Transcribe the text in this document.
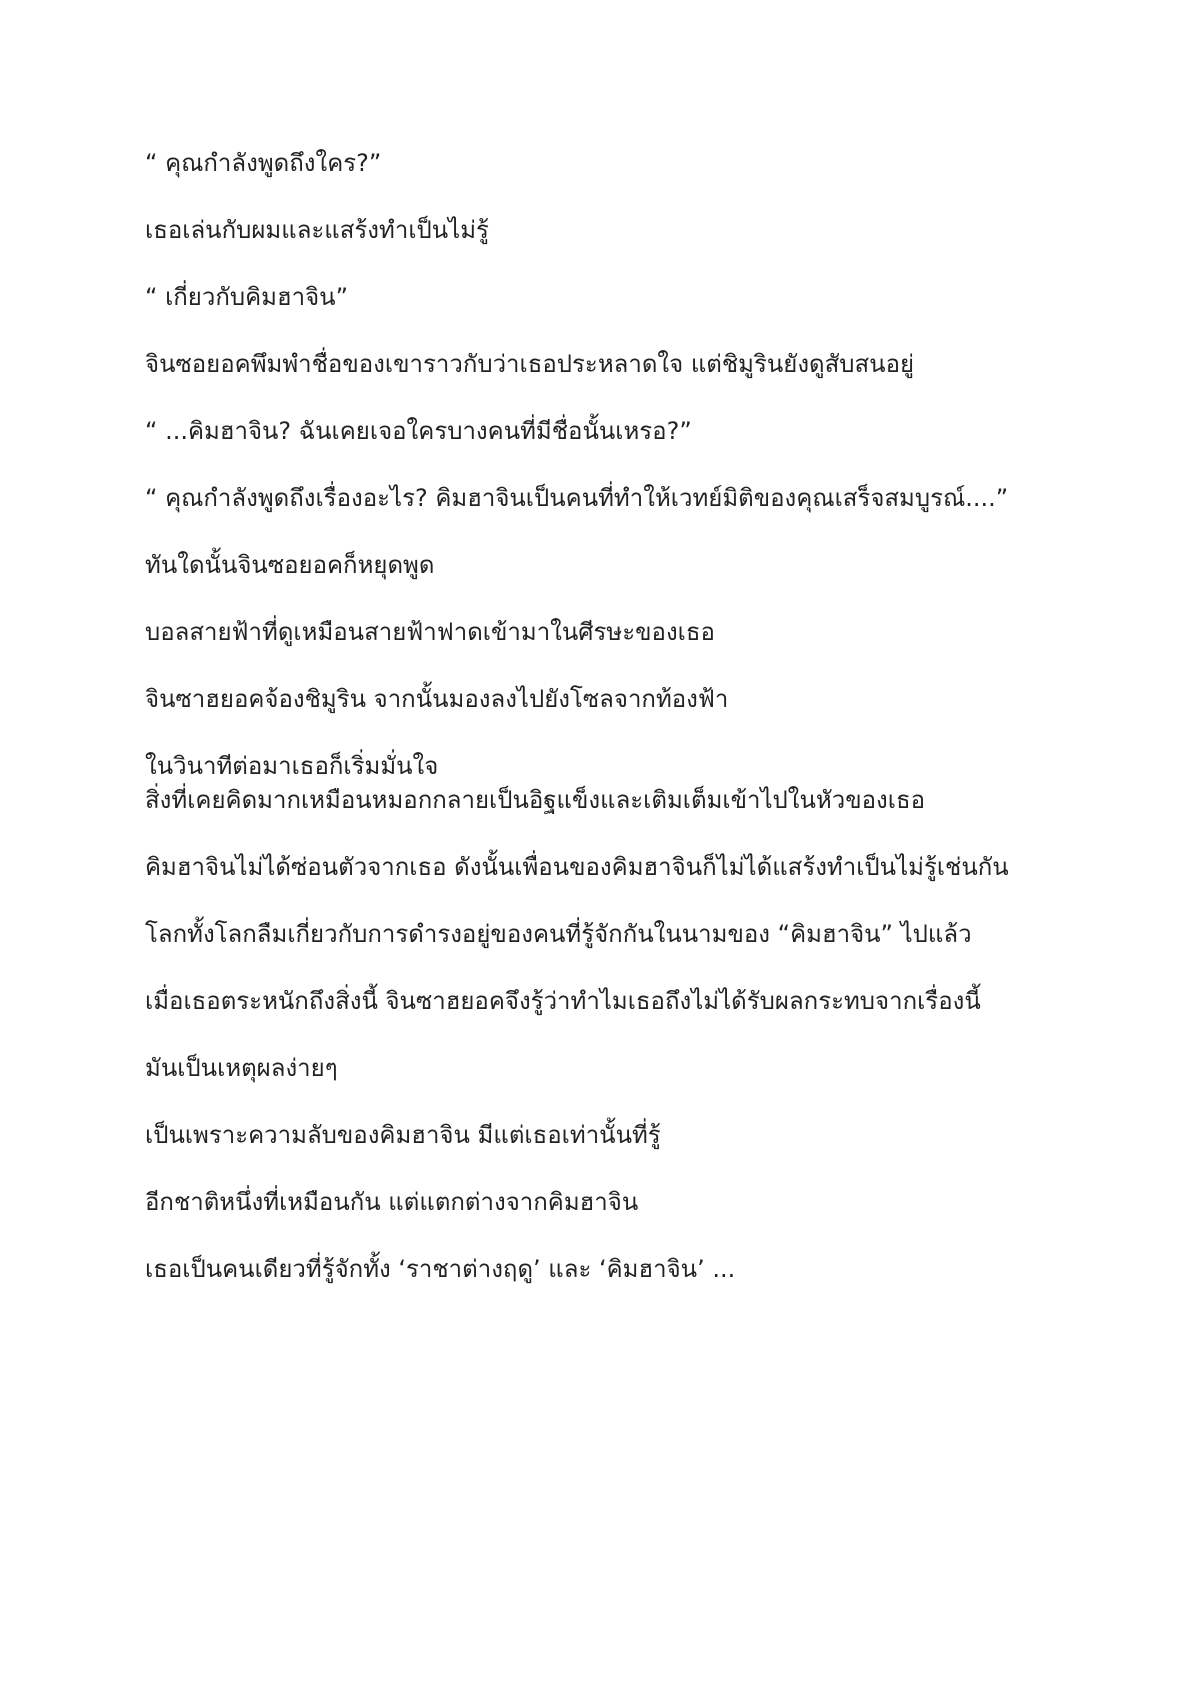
“ คุณกำลังพูดถึงใคร?”

เธอเล่นกับผมและแสร้งทำเป็นไม่รู้

“ เกี่ยวกับคิมฮาจิน”

จินซอยอคพึมพำชื่อของเขาราวกับว่าเธอประหลาดใจ แต่ชิมูรินยังดูสับสนอยู่

“ ...คิมฮาจิน? ฉันเคยเจอใครบางคนที่มีชื่อนั้นเหรอ?”

“ คุณกำลังพูดถึงเรื่องอะไร? คิมฮาจินเป็นคนที่ทำให้เวทย์มิติของคุณเสร็จสมบูรณ์....”

ทันใดนั้นจินซอยอคก็หยุดพูด

บอลสายฟ้าที่ดูเหมือนสายฟ้าฟาดเข้ามาในศีรษะของเธอ

จินซาฮยอคจ้องชิมูริน จากนั้นมองลงไปยังโซลจากท้องฟ้า

ในวินาทีต่อมาเธอก็เริ่มมั่นใจ
สิ่งที่เคยคิดมากเหมือนหมอกกลายเป็นอิฐแข็งและเติมเต็มเข้าไปในหัวของเธอ

คิมฮาจินไม่ได้ซ่อนตัวจากเธอ ดังนั้นเพื่อนของคิมฮาจินก็ไม่ได้แสร้งทำเป็นไม่รู้เช่นกัน

โลกทั้งโลกลืมเกี่ยวกับการดำรงอยู่ของคนที่รู้จักกันในนามของ “คิมฮาจิน” ไปแล้ว

เมื่อเธอตระหนักถึงสิ่งนี้ จินซาฮยอคจึงรู้ว่าทำไมเธอถึงไม่ได้รับผลกระทบจากเรื่องนี้

มันเป็นเหตุผลง่ายๆ

เป็นเพราะความลับของคิมฮาจิน มีแต่เธอเท่านั้นที่รู้

อีกชาติหนึ่งที่เหมือนกัน แต่แตกต่างจากคิมฮาจิน

เธอเป็นคนเดียวที่รู้จักทั้ง ‘ราชาต่างฤดู’ และ ‘คิมฮาจิน’ ...
